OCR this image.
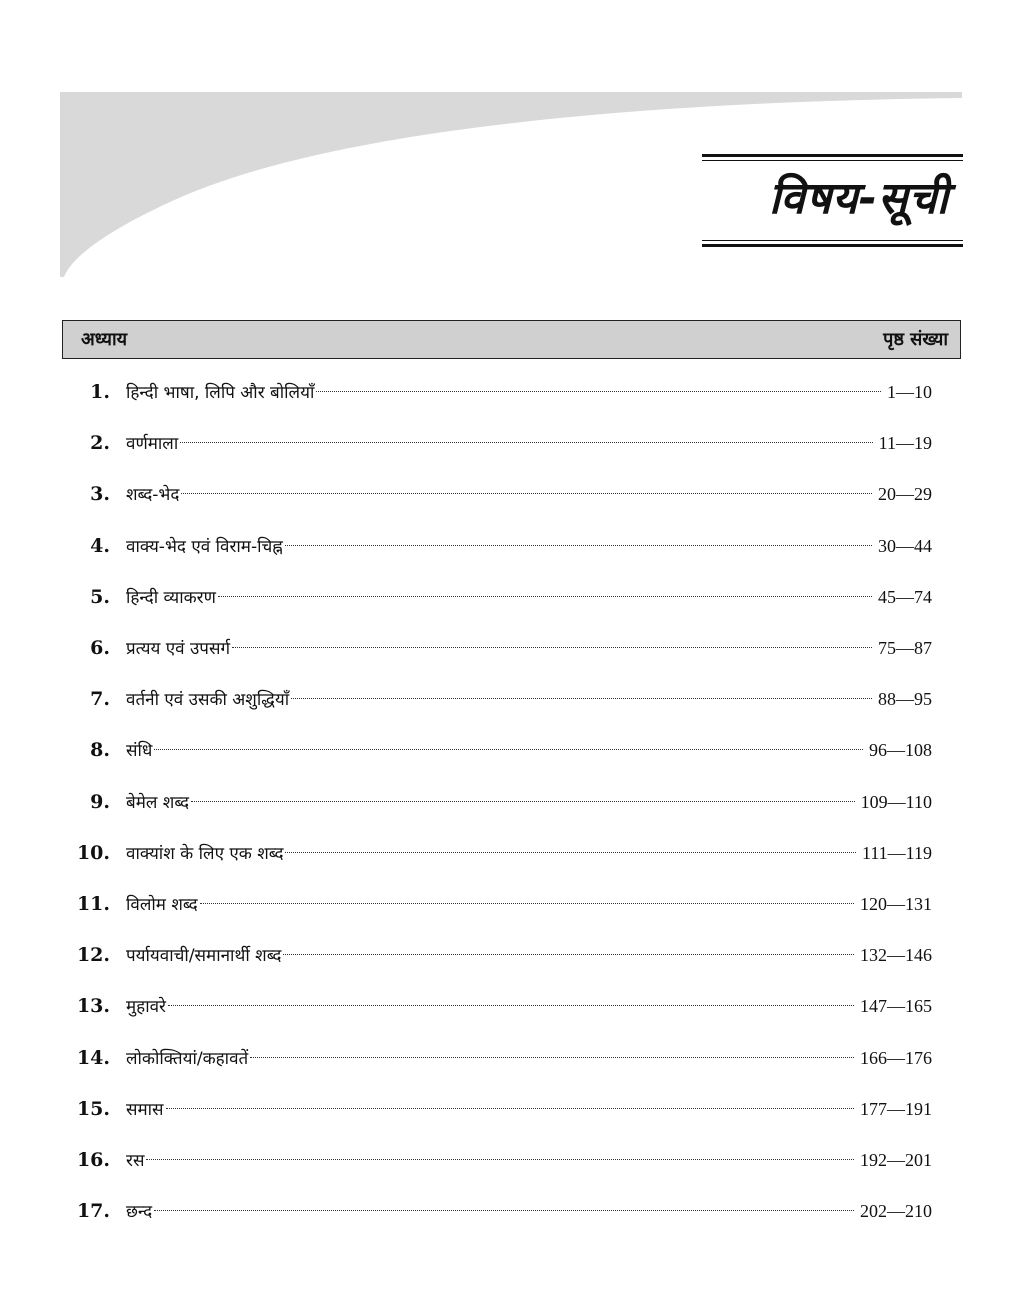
विषय-सूची
अध्याय	पृष्ठ संख्या
1. हिन्दी भाषा, लिपि और बोलियाँ	1—10
2. वर्णमाला	11—19
3. शब्द-भेद	20—29
4. वाक्य-भेद एवं विराम-चिह्न	30—44
5. हिन्दी व्याकरण	45—74
6. प्रत्यय एवं उपसर्ग	75—87
7. वर्तनी एवं उसकी अशुद्धियाँ	88—95
8. संधि	96—108
9. बेमेल शब्द	109—110
10. वाक्यांश के लिए एक शब्द	111—119
11. विलोम शब्द	120—131
12. पर्यायवाची/समानार्थी शब्द	132—146
13. मुहावरे	147—165
14. लोकोक्तियां/कहावतें	166—176
15. समास	177—191
16. रस	192—201
17. छन्द	202—210
